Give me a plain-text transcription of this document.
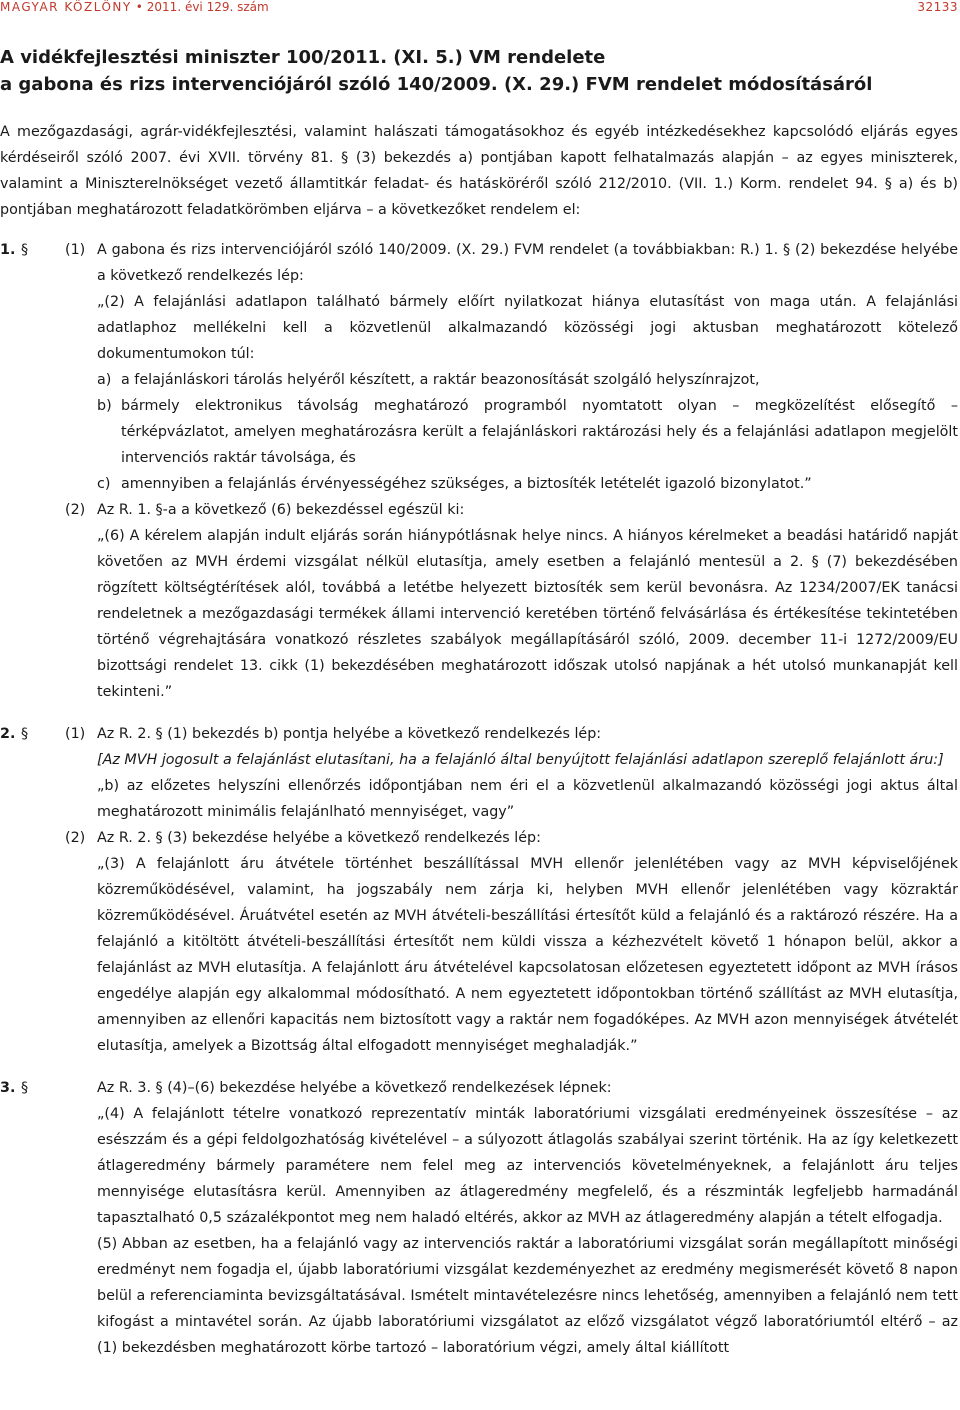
MAGYAR KÖZLÖNY • 2011. évi 129. szám	32133
A vidékfejlesztési miniszter 100/2011. (XI. 5.) VM rendelete
a gabona és rizs intervenciójáról szóló 140/2009. (X. 29.) FVM rendelet módosításáról

A mezőgazdasági, agrár-vidékfejlesztési, valamint halászati támogatásokhoz és egyéb intézkedésekhez kapcsolódó eljárás egyes kérdéseiről szóló 2007. évi XVII. törvény 81. § (3) bekezdés a) pontjában kapott felhatalmazás alapján – az egyes miniszterek, valamint a Miniszterelnökséget vezető államtitkár feladat- és hatásköréről szóló 212/2010. (VII. 1.) Korm. rendelet 94. § a) és b) pontjában meghatározott feladatkörömben eljárva – a következőket rendelem el:

1. §	(1) A gabona és rizs intervenciójáról szóló 140/2009. (X. 29.) FVM rendelet (a továbbiakban: R.) 1. § (2) bekezdése helyébe a következő rendelkezés lép:

„(2) A felajánlási adatlapon található bármely előírt nyilatkozat hiánya elutasítást von maga után. A felajánlási adatlaphoz mellékelni kell a közvetlenül alkalmazandó közösségi jogi aktusban meghatározott kötelező dokumentumokon túl:

a) a felajánláskori tárolás helyéről készített, a raktár beazonosítását szolgáló helyszínrajzot,
b) bármely elektronikus távolság meghatározó programból nyomtatott olyan – megközelítést elősegítő – térképvázlatot, amelyen meghatározásra került a felajánláskori raktározási hely és a felajánlási adatlapon megjelölt intervenciós raktár távolsága, és
c) amennyiben a felajánlás érvényességéhez szükséges, a biztosíték letételét igazoló bizonylatot.”
(2) Az R. 1. §-a a következő (6) bekezdéssel egészül ki:

„(6) A kérelem alapján indult eljárás során hiánypótlásnak helye nincs. A hiányos kérelmeket a beadási határidő napját követően az MVH érdemi vizsgálat nélkül elutasítja, amely esetben a felajánló mentesül a 2. § (7) bekezdésében rögzített költségtérítések alól, továbbá a letétbe helyezett biztosíték sem kerül bevonásra. Az 1234/2007/EK tanácsi rendeletnek a mezőgazdasági termékek állami intervenció keretében történő felvásárlása és értékesítése tekintetében történő végrehajtására vonatkozó részletes szabályok megállapításáról szóló, 2009. december 11-i 1272/2009/EU bizottsági rendelet 13. cikk (1) bekezdésében meghatározott időszak utolsó napjának a hét utolsó munkanapját kell tekinteni.”

2. §	(1) Az R. 2. § (1) bekezdés b) pontja helyébe a következő rendelkezés lép:

[Az MVH jogosult a felajánlást elutasítani, ha a felajánló által benyújtott felajánlási adatlapon szereplő felajánlott áru:]

„b) az előzetes helyszíni ellenőrzés időpontjában nem éri el a közvetlenül alkalmazandó közösségi jogi aktus által meghatározott minimális felajánlható mennyiséget, vagy”

(2) Az R. 2. § (3) bekezdése helyébe a következő rendelkezés lép:

„(3) A felajánlott áru átvétele történhet beszállítással MVH ellenőr jelenlétében vagy az MVH képviselőjének közreműködésével, valamint, ha jogszabály nem zárja ki, helyben MVH ellenőr jelenlétében vagy közraktár közreműködésével. Áruátvétel esetén az MVH átvételi-beszállítási értesítőt küld a felajánló és a raktározó részére. Ha a felajánló a kitöltött átvételi-beszállítási értesítőt nem küldi vissza a kézhezvételt követő 1 hónapon belül, akkor a felajánlást az MVH elutasítja. A felajánlott áru átvételével kapcsolatosan előzetesen egyeztetett időpont az MVH írásos engedélye alapján egy alkalommal módosítható. A nem egyeztetett időpontokban történő szállítást az MVH elutasítja, amennyiben az ellenőri kapacitás nem biztosított vagy a raktár nem fogadóképes. Az MVH azon mennyiségek átvételét elutasítja, amelyek a Bizottság által elfogadott mennyiséget meghaladják.”

3. §	Az R. 3. § (4)–(6) bekezdése helyébe a következő rendelkezések lépnek:

„(4) A felajánlott tételre vonatkozó reprezentatív minták laboratóriumi vizsgálati eredményeinek összesítése – az esészzám és a gépi feldolgozhatóság kivételével – a súlyozott átlagolás szabályai szerint történik. Ha az így keletkezett átlageredmény bármely paramétere nem felel meg az intervenciós követelményeknek, a felajánlott áru teljes mennyisége elutasításra kerül. Amennyiben az átlageredmény megfelelő, és a részminták legfeljebb harmadánál tapasztalható 0,5 százalékpontot meg nem haladó eltérés, akkor az MVH az átlageredmény alapján a tételt elfogadja.

(5) Abban az esetben, ha a felajánló vagy az intervenciós raktár a laboratóriumi vizsgálat során megállapított minőségi eredményt nem fogadja el, újabb laboratóriumi vizsgálat kezdeményezhet az eredmény megismerését követő 8 napon belül a referenciaminta bevizsgáltatásával. Ismételt mintavételezésre nincs lehetőség, amennyiben a felajánló nem tett kifogást a mintavétel során. Az újabb laboratóriumi vizsgálatot az előző vizsgálatot végző laboratóriumtól eltérő – az (1) bekezdésben meghatározott körbe tartozó – laboratórium végzi, amely által kiállított
